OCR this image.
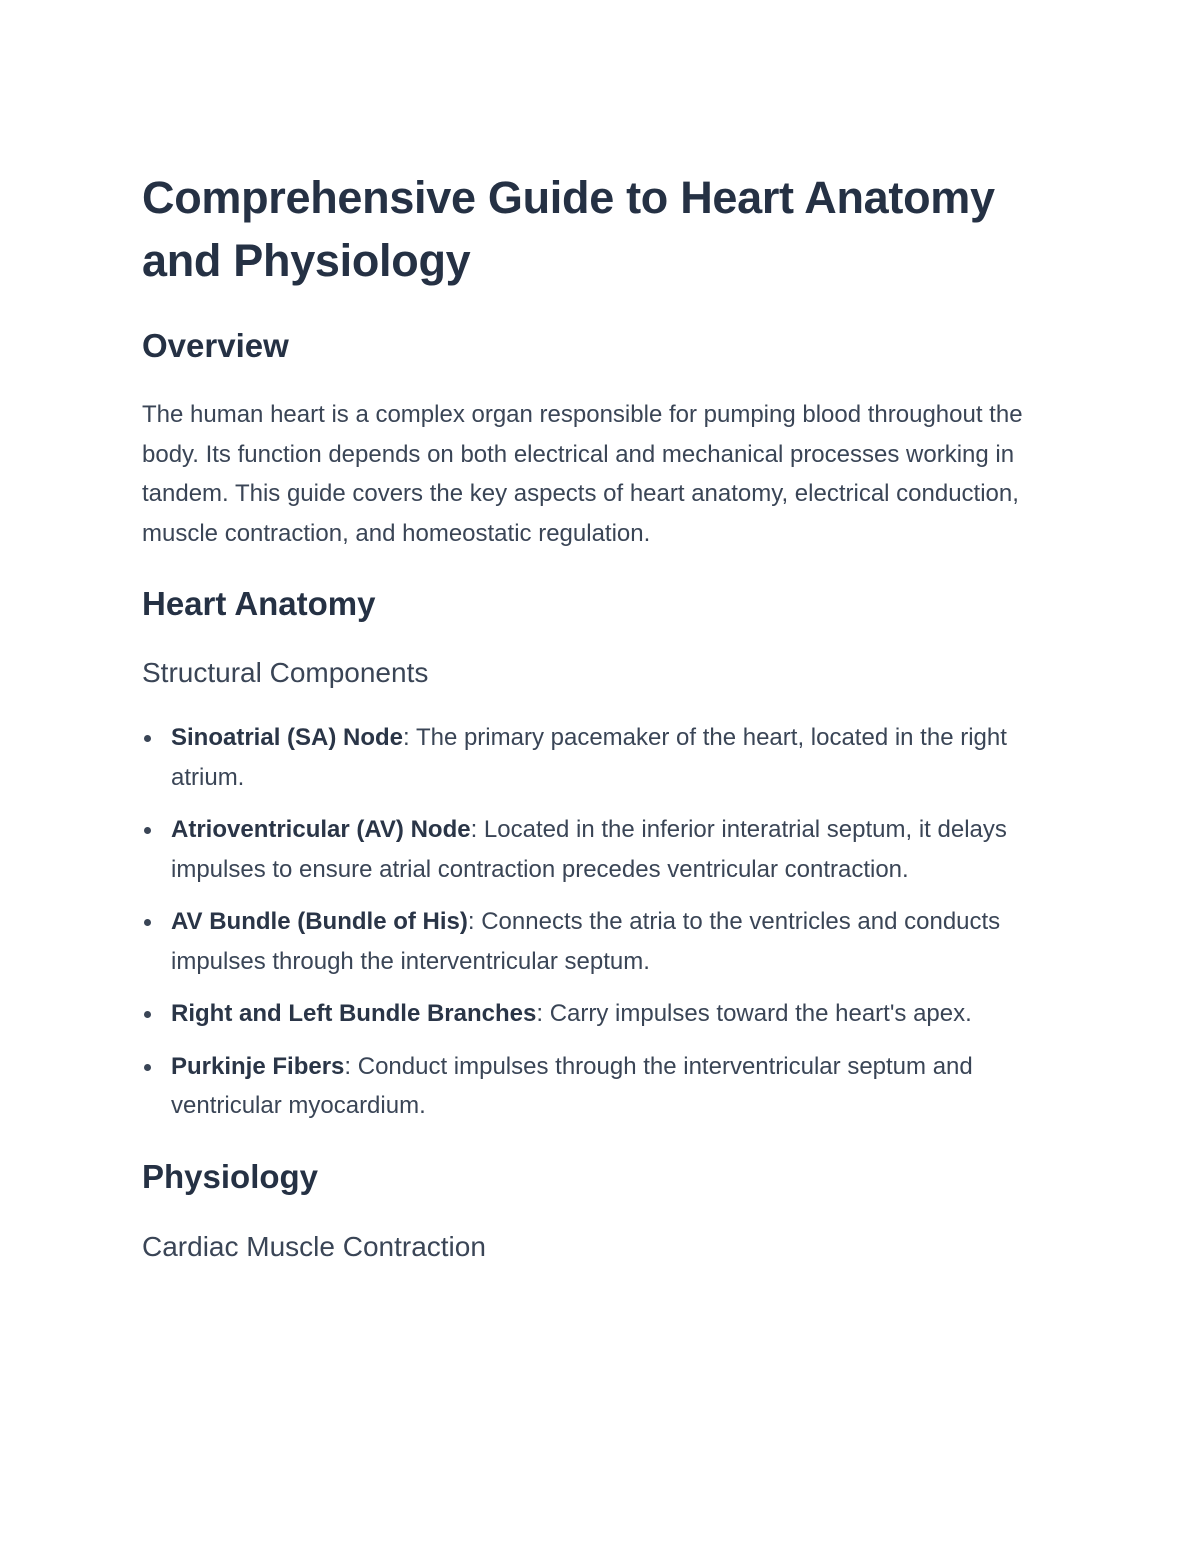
Comprehensive Guide to Heart Anatomy and Physiology
Overview

The human heart is a complex organ responsible for pumping blood throughout the body. Its function depends on both electrical and mechanical processes working in tandem. This guide covers the key aspects of heart anatomy, electrical conduction, muscle contraction, and homeostatic regulation.

Heart Anatomy
Structural Components
Sinoatrial (SA) Node: The primary pacemaker of the heart, located in the right atrium.
Atrioventricular (AV) Node: Located in the inferior interatrial septum, it delays impulses to ensure atrial contraction precedes ventricular contraction.
AV Bundle (Bundle of His): Connects the atria to the ventricles and conducts impulses through the interventricular septum.
Right and Left Bundle Branches: Carry impulses toward the heart's apex.
Purkinje Fibers: Conduct impulses through the interventricular septum and ventricular myocardium.
Physiology
Cardiac Muscle Contraction
